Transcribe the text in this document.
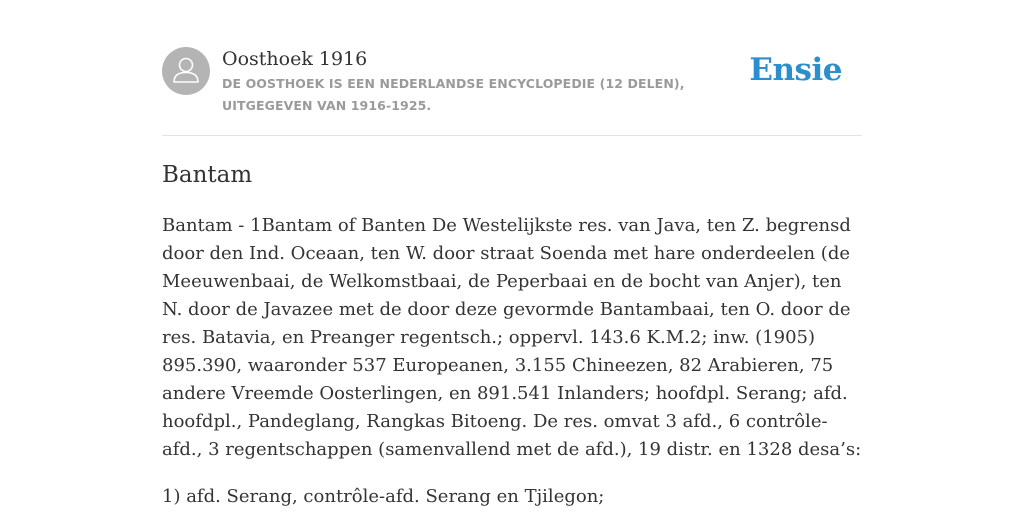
Oosthoek 1916
DE OOSTHOEK IS EEN NEDERLANDSE ENCYCLOPEDIE (12 DELEN), UITGEGEVEN VAN 1916-1925.
Ensie
Bantam

Bantam - 1Bantam of Banten De Westelijkste res. van Java, ten Z. begrensd door den Ind. Oceaan, ten W. door straat Soenda met hare onderdeelen (de Meeuwenbaai, de Welkomstbaai, de Peperbaai en de bocht van Anjer), ten N. door de Javazee met de door deze gevormde Bantambaai, ten O. door de res. Batavia, en Preanger regentsch.; oppervl. 143.6 K.M.2; inw. (1905) 895.390, waaronder 537 Europeanen, 3.155 Chineezen, 82 Arabieren, 75 andere Vreemde Oosterlingen, en 891.541 Inlanders; hoofdpl. Serang; afd. hoofdpl., Pandeglang, Rangkas Bitoeng. De res. omvat 3 afd., 6 contrôle-afd., 3 regentschappen (samenvallend met de afd.), 19 distr. en 1328 desa’s:

1) afd. Serang, contrôle-afd. Serang en Tjilegon;
